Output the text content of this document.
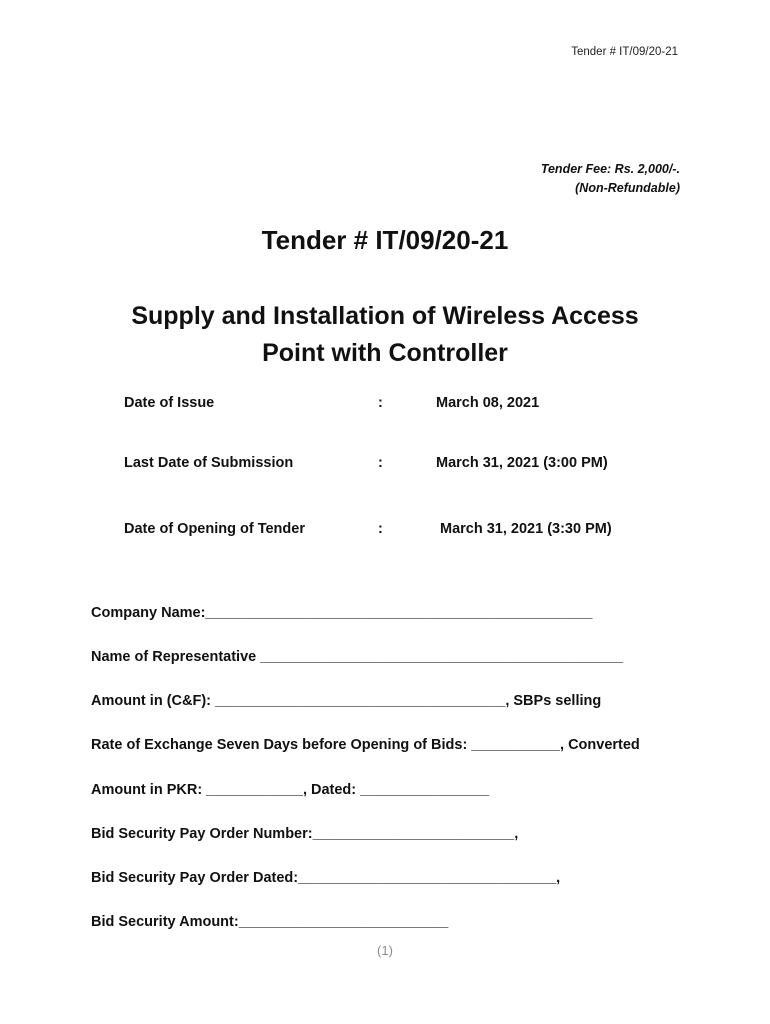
Tender # IT/09/20-21
Tender Fee: Rs. 2,000/-.
(Non-Refundable)
Tender # IT/09/20-21
Supply and Installation of Wireless Access
Point with Controller
Date of Issue	:	March 08, 2021
Last Date of Submission	:	March 31, 2021 (3:00 PM)
Date of Opening of Tender	:	March 31, 2021 (3:30 PM)
Company Name:________________________________________________
Name of Representative _____________________________________________
Amount in (C&F): ____________________________________, SBPs selling
Rate of Exchange Seven Days before Opening of Bids: ___________, Converted
Amount in PKR: ____________, Dated: ________________
Bid Security Pay Order Number:_________________________,
Bid Security Pay Order Dated:________________________________,
Bid Security Amount:__________________________
(1)
